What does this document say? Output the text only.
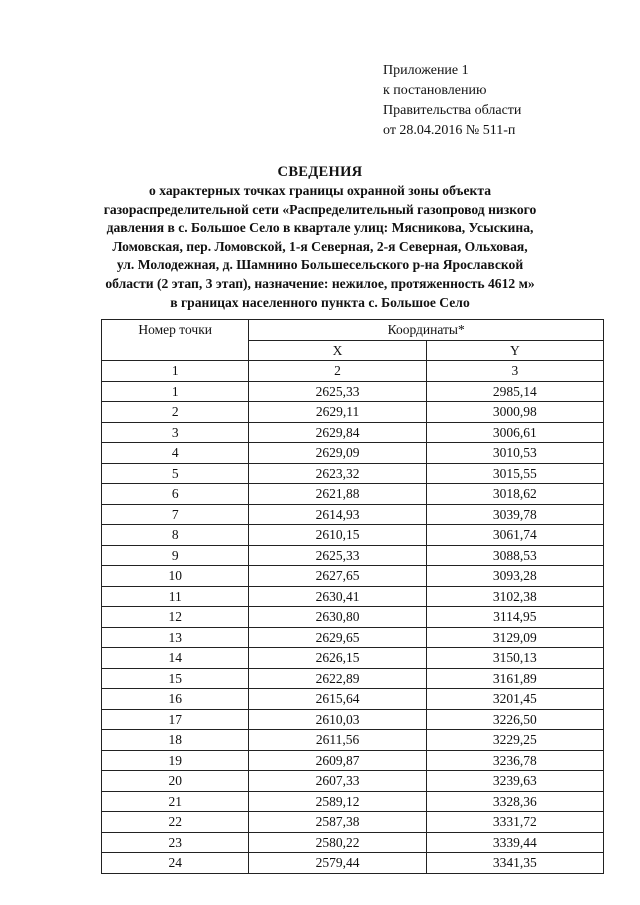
Приложение 1
к постановлению
Правительства области
от 28.04.2016 № 511-п
СВЕДЕНИЯ
о характерных точках границы охранной зоны объекта
газораспределительной сети «Распределительный газопровод низкого
давления в с. Большое Село в квартале улиц: Мясникова, Усыскина,
Ломовская, пер. Ломовской, 1-я Северная, 2-я Северная, Ольховая,
ул. Молодежная, д. Шамнино Большесельского р-на Ярославской
области (2 этап, 3 этап), назначение: нежилое, протяженность 4612 м»
в границах населенного пункта с. Большое Село
Номер точки	Координаты*	
	X	Y
1	2	3
1	2625,33	2985,14
2	2629,11	3000,98
3	2629,84	3006,61
4	2629,09	3010,53
5	2623,32	3015,55
6	2621,88	3018,62
7	2614,93	3039,78
8	2610,15	3061,74
9	2625,33	3088,53
10	2627,65	3093,28
11	2630,41	3102,38
12	2630,80	3114,95
13	2629,65	3129,09
14	2626,15	3150,13
15	2622,89	3161,89
16	2615,64	3201,45
17	2610,03	3226,50
18	2611,56	3229,25
19	2609,87	3236,78
20	2607,33	3239,63
21	2589,12	3328,36
22	2587,38	3331,72
23	2580,22	3339,44
24	2579,44	3341,35
